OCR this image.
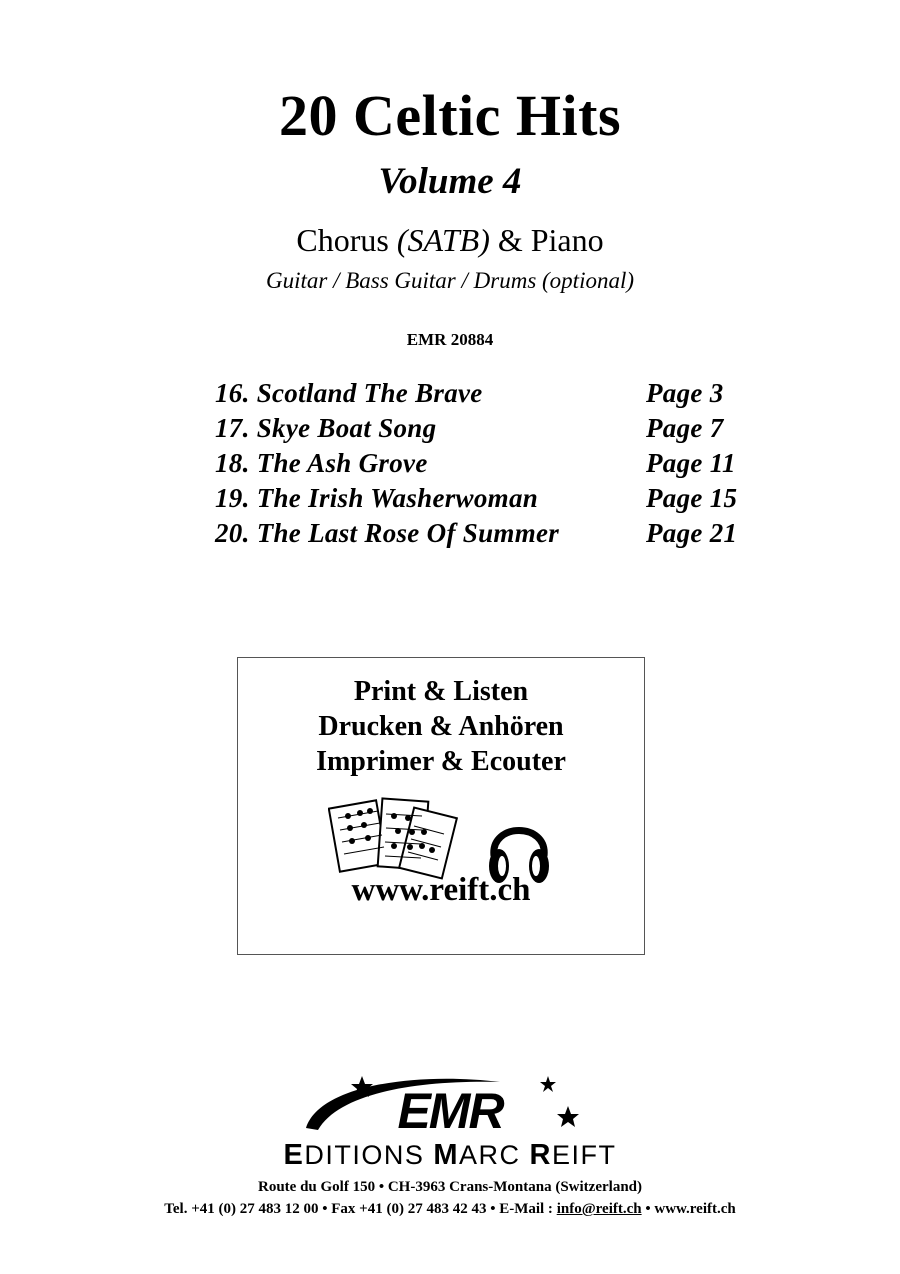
20 Celtic Hits
Volume 4
Chorus (SATB) & Piano
Guitar / Bass Guitar / Drums (optional)
EMR 20884
16. Scotland The Brave	Page 3
17. Skye Boat Song	Page 7
18. The Ash Grove	Page 11
19. The Irish Washerwoman	Page 15
20. The Last Rose Of Summer	Page 21
Print & Listen
Drucken & Anhören
Imprimer & Ecouter
www.reift.ch
EMR
EDITIONS MARC REIFT
Route du Golf 150 • CH-3963 Crans-Montana (Switzerland)
Tel. +41 (0) 27 483 12 00 • Fax +41 (0) 27 483 42 43 • E-Mail : info@reift.ch • www.reift.ch
